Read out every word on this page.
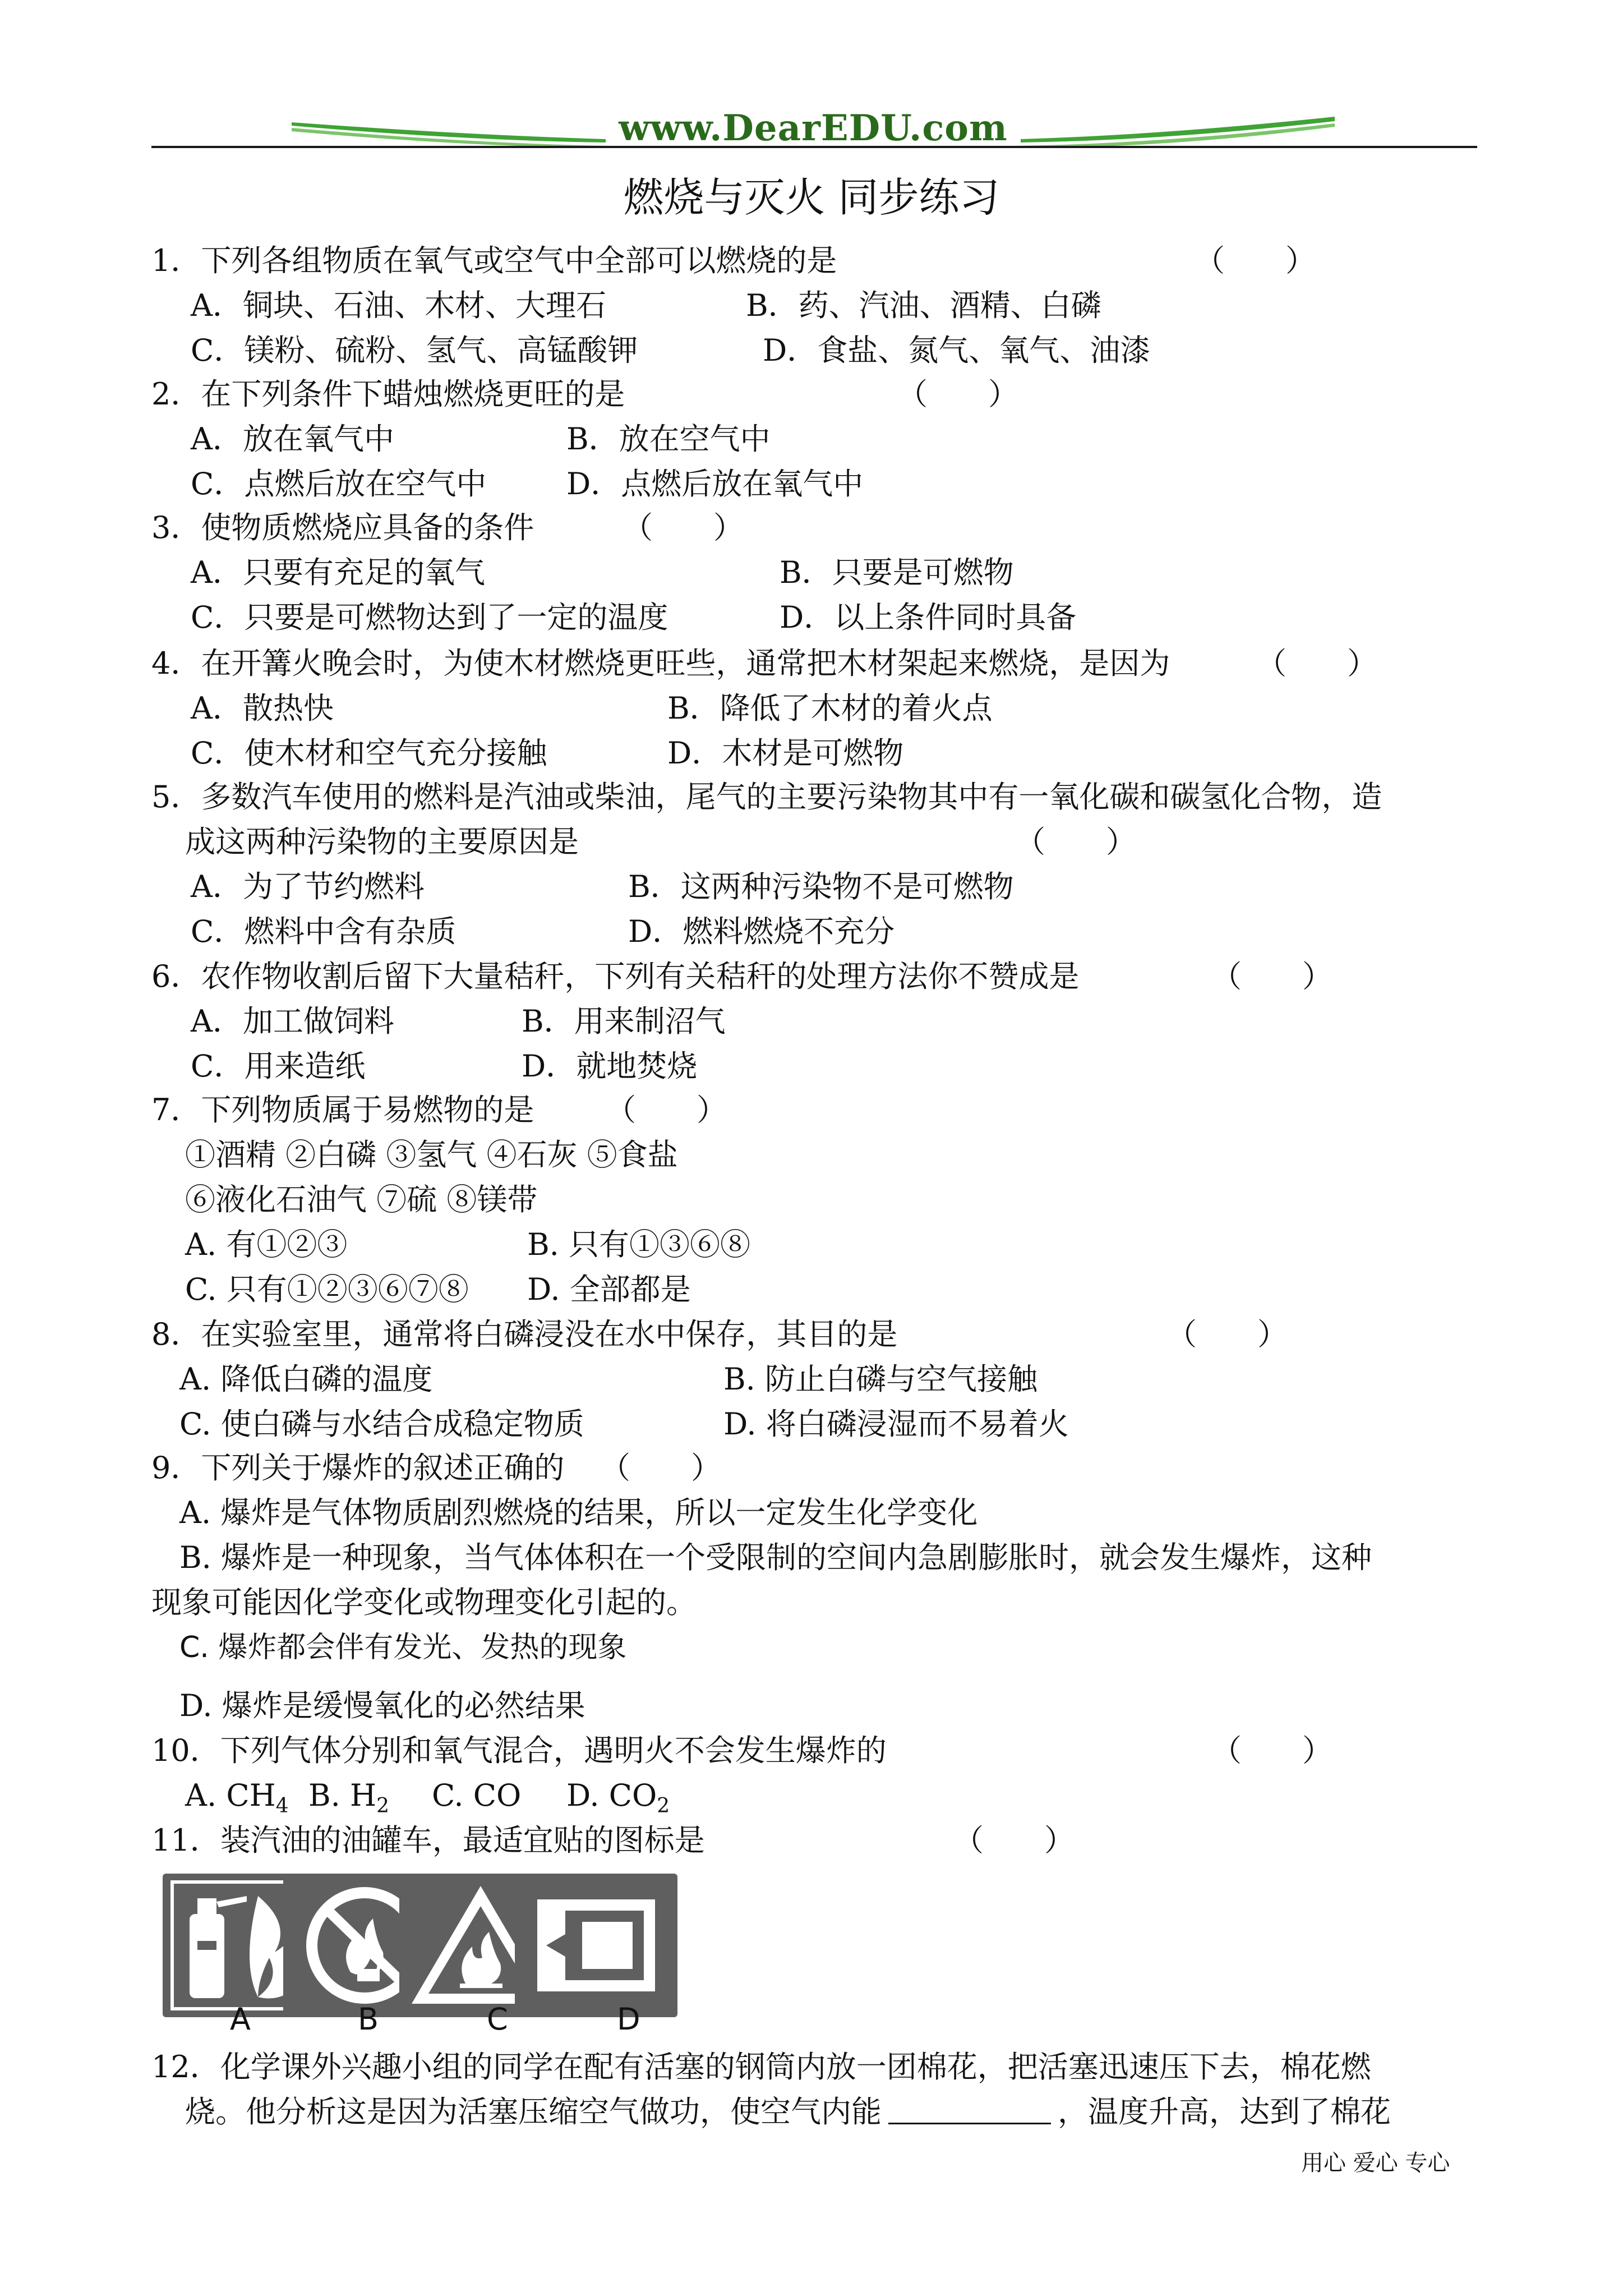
www.DearEDU.com
燃烧与灭火 同步练习
1．下列各组物质在氧气或空气中全部可以燃烧的是	（　　）
A．铜块、石油、木材、大理石	B．药、汽油、酒精、白磷
C．镁粉、硫粉、氢气、高锰酸钾	D．食盐、氮气、氧气、油漆
2．在下列条件下蜡烛燃烧更旺的是	（　　）
A．放在氧气中	B．放在空气中
C．点燃后放在空气中	D．点燃后放在氧气中
3．使物质燃烧应具备的条件	（　　）
A．只要有充足的氧气	B．只要是可燃物
C．只要是可燃物达到了一定的温度	D．以上条件同时具备
4．在开篝火晚会时，为使木材燃烧更旺些，通常把木材架起来燃烧，是因为	（　　）
A．散热快	B．降低了木材的着火点
C．使木材和空气充分接触	D．木材是可燃物
5．多数汽车使用的燃料是汽油或柴油，尾气的主要污染物其中有一氧化碳和碳氢化合物，造
成这两种污染物的主要原因是	（　　）
A．为了节约燃料	B．这两种污染物不是可燃物
C．燃料中含有杂质	D．燃料燃烧不充分
6．农作物收割后留下大量秸秆，下列有关秸秆的处理方法你不赞成是	（　　）
A．加工做饲料	B．用来制沼气
C．用来造纸	D．就地焚烧
7．下列物质属于易燃物的是 （　　）
①酒精 ②白磷 ③氢气 ④石灰 ⑤食盐
⑥液化石油气 ⑦硫 ⑧镁带
A. 有①②③	B. 只有①③⑥⑧
C. 只有①②③⑥⑦⑧ D. 全部都是
8．在实验室里，通常将白磷浸没在水中保存，其目的是	（　　）
A. 降低白磷的温度	B. 防止白磷与空气接触
C. 使白磷与水结合成稳定物质	D. 将白磷浸湿而不易着火
9．下列关于爆炸的叙述正确的 （　　）
A. 爆炸是气体物质剧烈燃烧的结果，所以一定发生化学变化
B. 爆炸是一种现象，当气体体积在一个受限制的空间内急剧膨胀时，就会发生爆炸，这种
现象可能因化学变化或物理变化引起的。
C. 爆炸都会伴有发光、发热的现象
D. 爆炸是缓慢氧化的必然结果
10．下列气体分别和氧气混合，遇明火不会发生爆炸的	（　　）
A. $CH_4$ B. $H_2$ C. CO D. $CO_2$
11．装汽油的油罐车，最适宜贴的图标是	（　　）
A	B	C	D
12．化学课外兴趣小组的同学在配有活塞的钢筒内放一团棉花，把活塞迅速压下去，棉花燃
烧。他分析这是因为活塞压缩空气做功，使空气内能	，温度升高，达到了棉花
用心 爱心 专心
